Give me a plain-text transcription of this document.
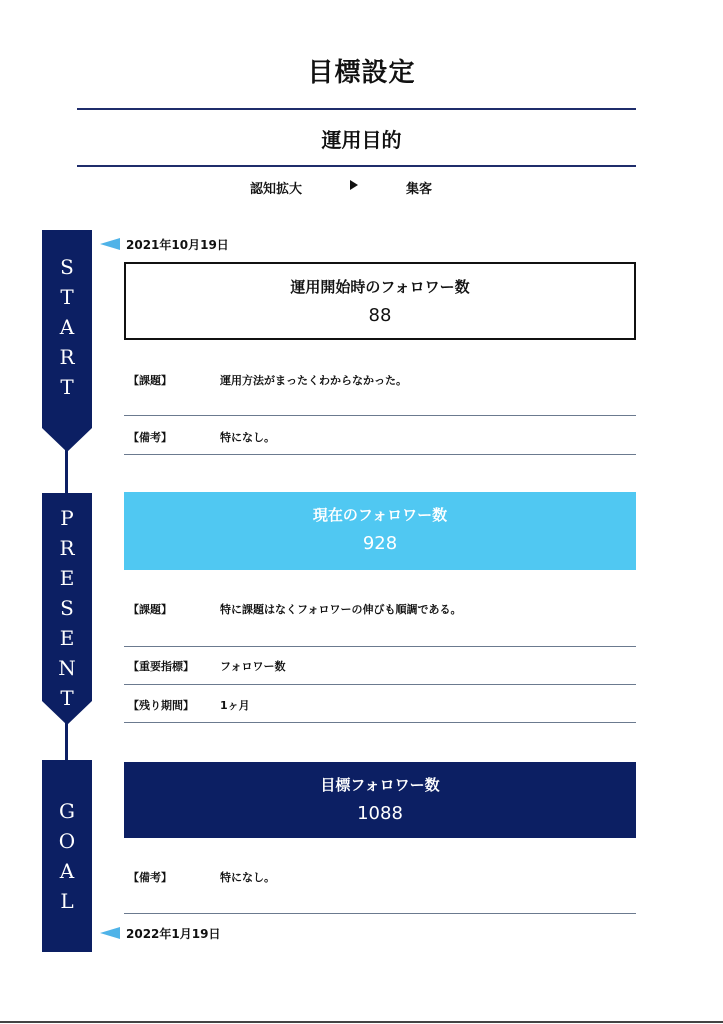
目標設定
運用目的
認知拡大	集客
S
T
A
R
T
P
R
E
S
E
N
T
G
O
A
L
2021年10月19日
運用開始時のフォロワー数
88
【課題】	運用方法がまったくわからなかった。
【備考】	特になし。
現在のフォロワー数
928
【課題】	特に課題はなくフォロワーの伸びも順調である。
【重要指標】 フォロワー数
【残り期間】 1ヶ月
目標フォロワー数
1088
【備考】	特になし。
2022年1月19日
